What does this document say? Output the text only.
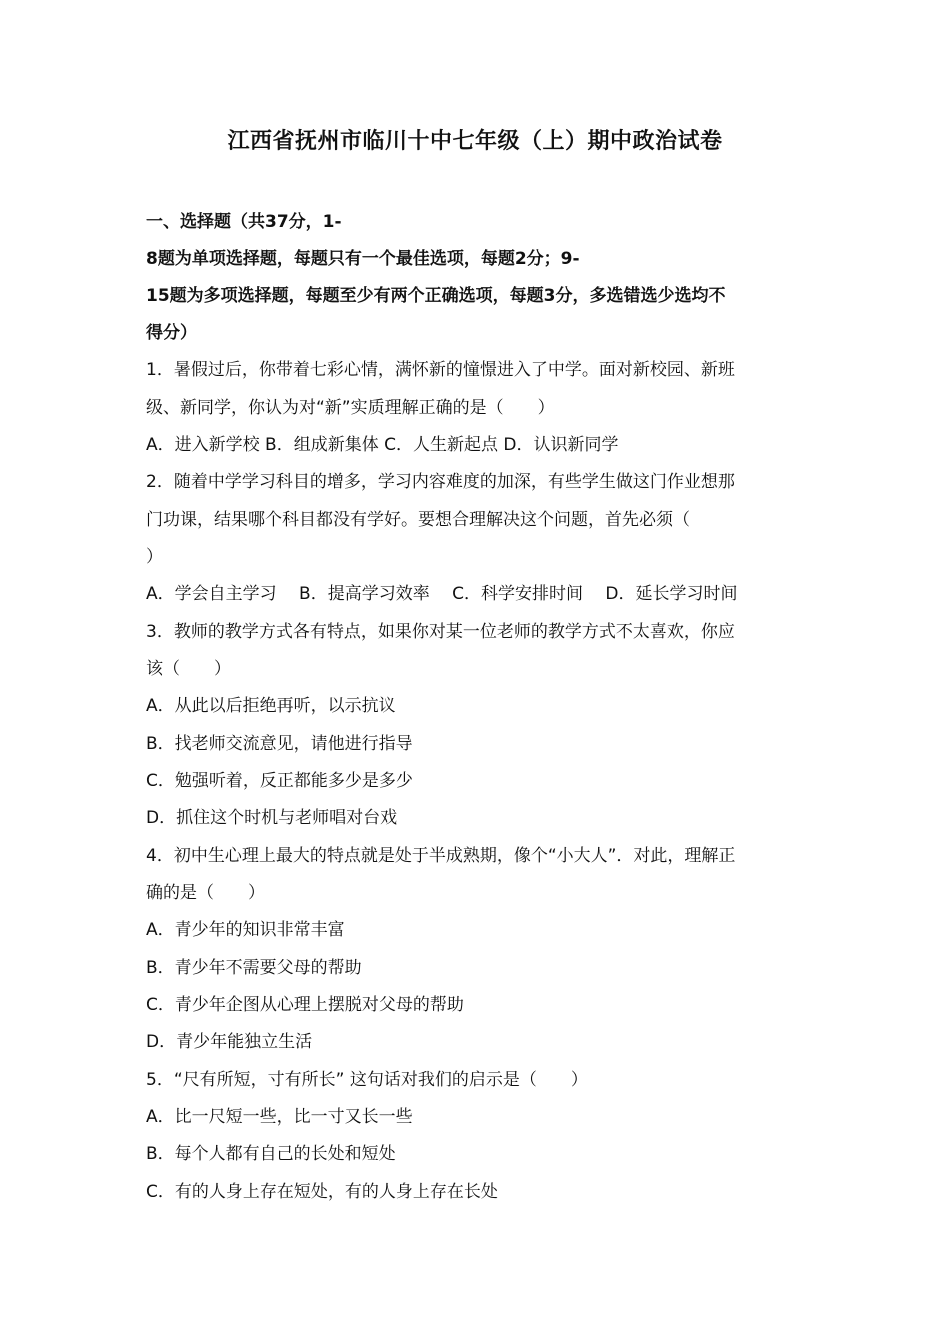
江西省抚州市临川十中七年级（上）期中政治试卷
一、选择题（共37分，1-
8题为单项选择题，每题只有一个最佳选项，每题2分；9-
15题为多项选择题，每题至少有两个正确选项，每题3分，多选错选少选均不
得分）
1．暑假过后，你带着七彩心情，满怀新的憧憬进入了中学。面对新校园、新班
级、新同学，你认为对“新”实质理解正确的是（　　）
A．进入新学校 B．组成新集体 C．人生新起点 D．认识新同学
2．随着中学学习科目的增多，学习内容难度的加深，有些学生做这门作业想那
门功课，结果哪个科目都没有学好。要想合理解决这个问题，首先必须（
）
A．学会自主学习　 B．提高学习效率　 C．科学安排时间　 D．延长学习时间
3．教师的教学方式各有特点，如果你对某一位老师的教学方式不太喜欢，你应
该（　　）
A．从此以后拒绝再听，以示抗议
B．找老师交流意见，请他进行指导
C．勉强听着，反正都能多少是多少
D．抓住这个时机与老师唱对台戏
4．初中生心理上最大的特点就是处于半成熟期，像个“小大人”．对此，理解正
确的是（　　）
A．青少年的知识非常丰富
B．青少年不需要父母的帮助
C．青少年企图从心理上摆脱对父母的帮助
D．青少年能独立生活
5．“尺有所短，寸有所长” 这句话对我们的启示是（　　）
A．比一尺短一些，比一寸又长一些
B．每个人都有自己的长处和短处
C．有的人身上存在短处，有的人身上存在长处
